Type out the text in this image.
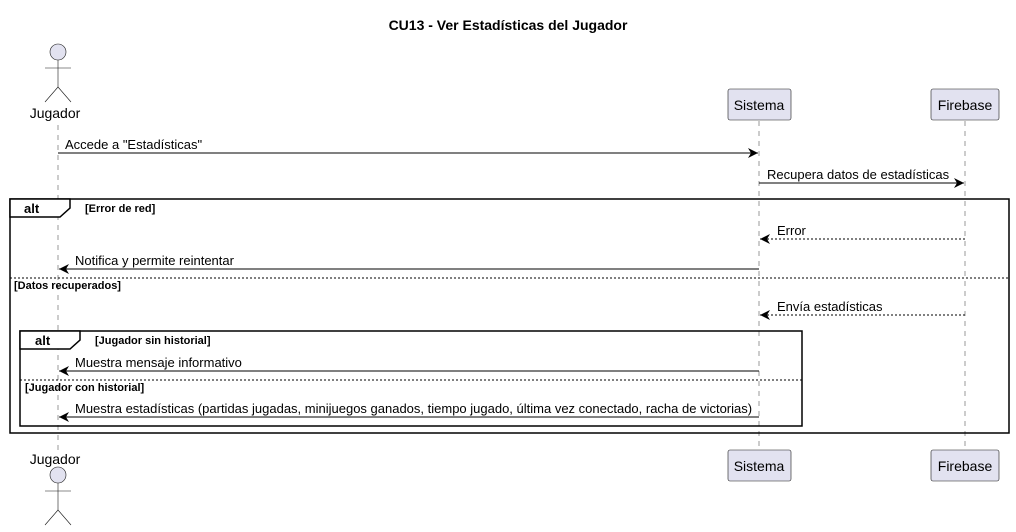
CU13 - Ver Estadísticas del Jugador
Jugador	Sistema	Firebase
Accede a "Estadísticas"
Recupera datos de estadísticas
alt	[Error de red]
[Datos recuperados]
Error
Notifica y permite reintentar
Envía estadísticas
alt	[Jugador sin historial]
[Jugador con historial]
Muestra mensaje informativo
Muestra estadísticas (partidas jugadas, minijuegos ganados, tiempo jugado, última vez conectado, racha de victorias)
Jugador	Sistema	Firebase
